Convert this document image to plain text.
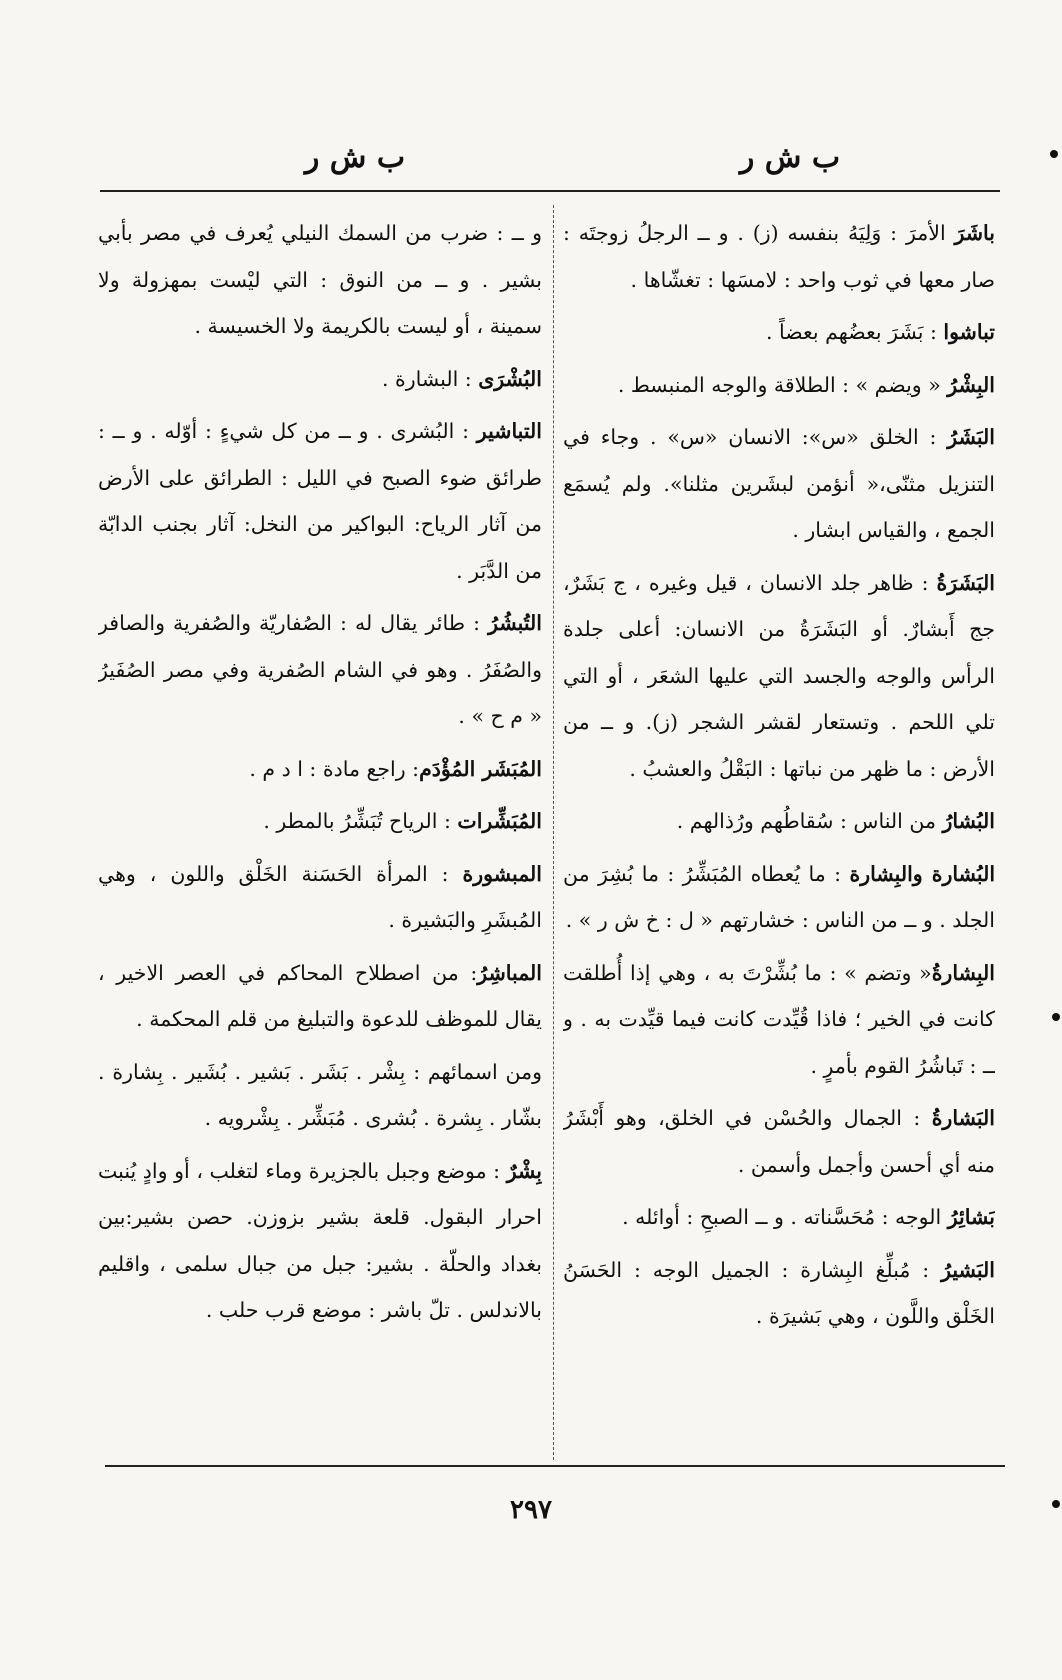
ب ش ر
ب ش ر

باشَرَ الأمرَ : وَلِيَهُ بنفسه (ز) . و ــ الرجلُ زوجتَه : صار معها في ثوب واحد : لامسَها : تغشّاها .

تباشوا : بَشَرَ بعضُهم بعضاً .

البِشْرُ « ويضم » : الطلاقة والوجه المنبسط .

البَشَرُ : الخلق «س»: الانسان «س» . وجاء في التنزيل مثنّى،« أنؤمن لبشَرين مثلنا». ولم يُسمَع الجمع ، والقياس ابشار .

البَشَرَةُ : ظاهر جلد الانسان ، قيل وغيره ، ج بَشَرٌ، جج أَبشارٌ. أو البَشَرَةُ من الانسان: أعلى جلدة الرأس والوجه والجسد التي عليها الشعَر ، أو التي تلي اللحم . وتستعار لقشر الشجر (ز). و ــ من الأرض : ما ظهر من نباتها : البَقْلُ والعشبُ .

البُشارُ من الناس : سُقاطُهم ورُذالهم .

البُشارة والبِشارة : ما يُعطاه المُبَشِّرُ : ما بُشِرَ من الجلد . و ــ من الناس : خشارتهم « ل : خ ش ر » .

البِشارةُ« وتضم » : ما بُشِّرْتَ به ، وهي إذا أُطلقت كانت في الخير ؛ فاذا قُيِّدت كانت فيما قيِّدت به . و ــ : تَباشُرُ القوم بأمرٍ .

البَشارةُ : الجمال والحُسْن في الخلق، وهو أَبْشَرُ منه أي أحسن وأجمل وأسمن .

بَشائِرُ الوجه : مُحَسَّناته . و ــ الصبحِ : أوائله .

البَشيرُ : مُبلِّغ البِشارة : الجميل الوجه : الحَسَنُ الخَلْق واللَّون ، وهي بَشيرَة .

و ــ : ضرب من السمك النيلي يُعرف في مصر بأبي بشير . و ــ من النوق : التي ليْست بمهزولة ولا سمينة ، أو ليست بالكريمة ولا الخسيسة .

البُشْرَى : البشارة .

التباشير : البُشرى . و ــ من كل شيءٍ : أوّله . و ــ : طرائق ضوء الصبح في الليل : الطرائق على الأرض من آثار الرياح: البواكير من النخل: آثار بجنب الدابّة من الدَّبَر .

التُبشُرُ : طائر يقال له : الصُفاريّة والصُفرية والصافر والصُفَرُ . وهو في الشام الصُفرية وفي مصر الصُفَيرُ « م ح » .

المُبَشَر المُؤْدَم: راجع مادة : ا د م .

المُبَشِّرات : الرياح تُبَشِّرُ بالمطر .

المبشورة : المرأة الحَسَنة الخَلْق واللون ، وهي المُبشَرِ والبَشيرة .

المباشِرُ: من اصطلاح المحاكم في العصر الاخير ، يقال للموظف للدعوة والتبليغ من قلم المحكمة .

ومن اسمائهم : بِشْر . بَشَر . بَشير . بُشَير . بِشارة . بشّار . بِشرة . بُشرى . مُبَشِّر . بِشْرويه .

بِشْرٌ : موضع وجبل بالجزيرة وماء لتغلب ، أو وادٍ يُنبت احرار البقول. قلعة بشير بزوزن. حصن بشير:بين بغداد والحلّة . بشير: جبل من جبال سلمى ، واقليم بالاندلس . تلّ باشر : موضع قرب حلب .

٢٩٧
